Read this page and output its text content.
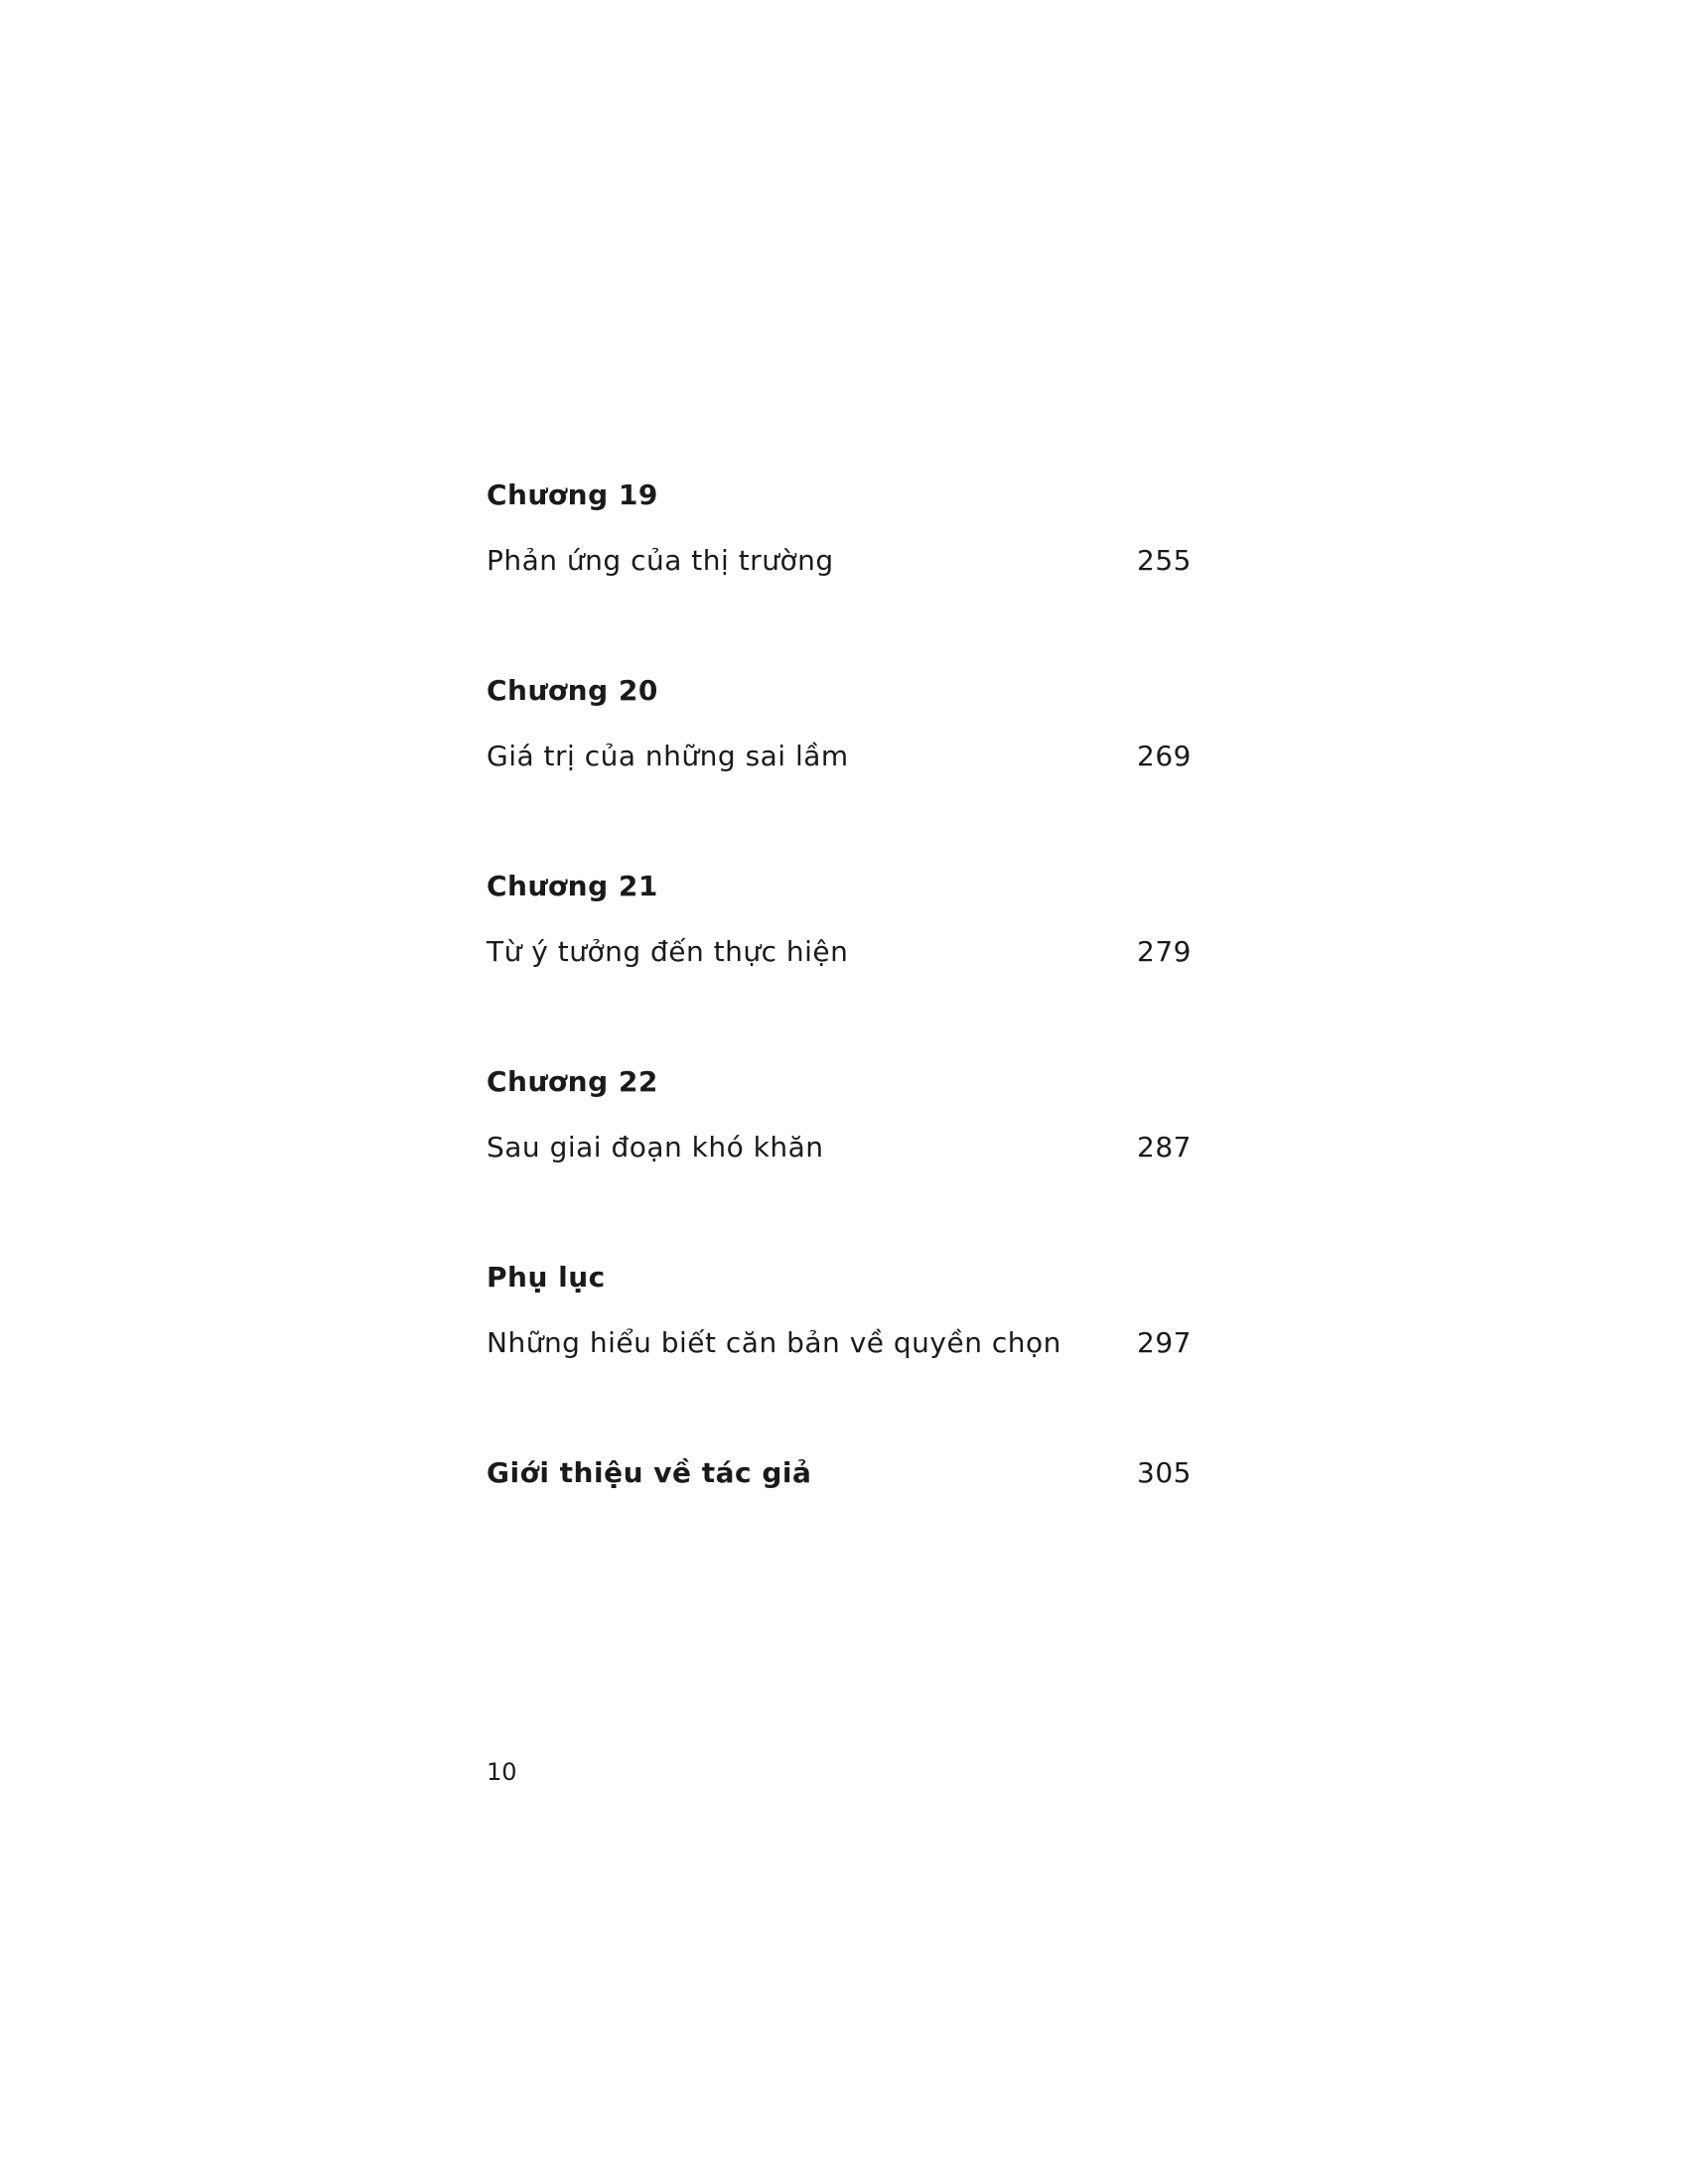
Chương 19
Phản ứng của thị trường	255
Chương 20
Giá trị của những sai lầm	269
Chương 21
Từ ý tưởng đến thực hiện	279
Chương 22
Sau giai đoạn khó khăn	287
Phụ lục
Những hiểu biết căn bản về quyền chọn	297
Giới thiệu về tác giả	305
10
